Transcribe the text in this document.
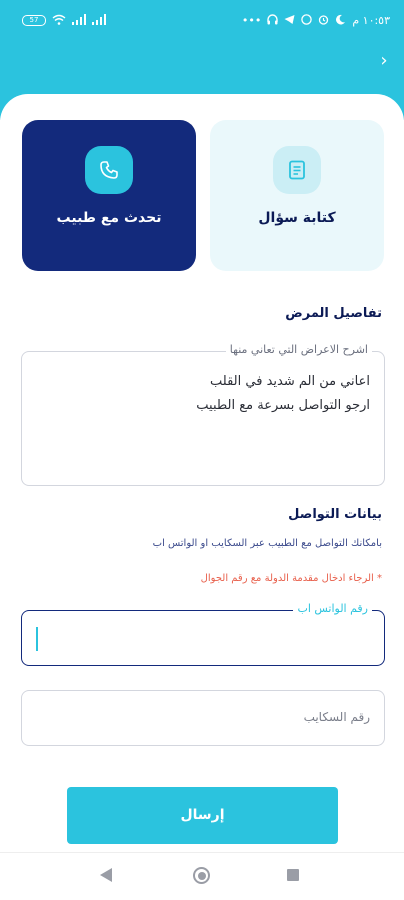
57	•••	١٠:٥٣ م
›
كتابة سؤال
تحدث مع طبيب
تفاصيل المرض
اشرح الاعراض التي تعاني منها
اعاني من الم شديد في القلب
ارجو التواصل بسرعة مع الطبيب
بيانات التواصل
بامكانك التواصل مع الطبيب عبر السكايب او الواتس اب
* الرجاء ادخال مقدمة الدولة مع رقم الجوال
رقم الواتس اب
رقم السكايب
إرسال
